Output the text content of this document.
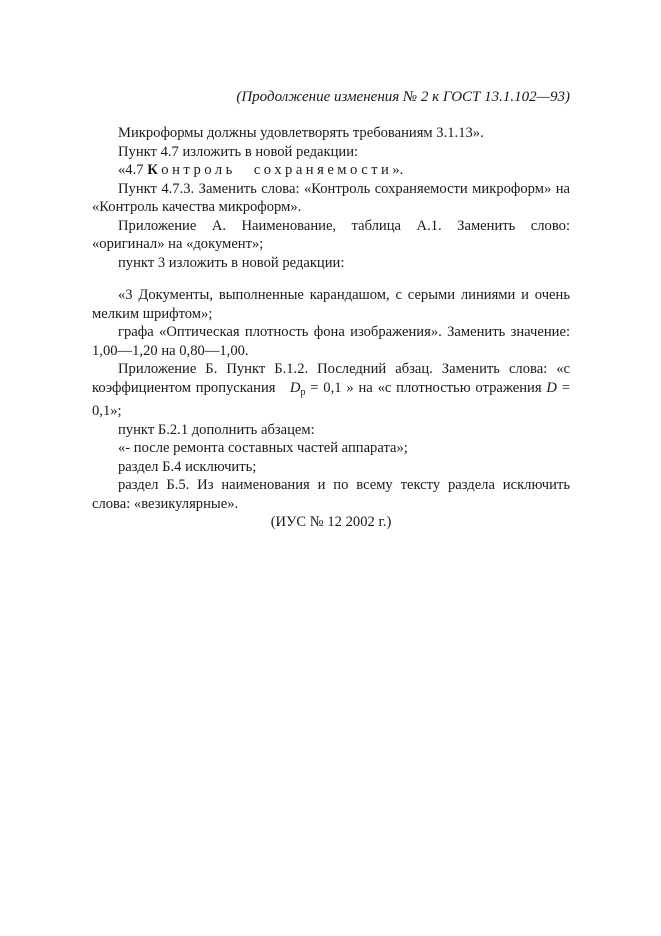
(Продолжение изменения № 2 к ГОСТ 13.1.102—93)

Микроформы должны удовлетворять требованиям 3.1.13».

Пункт 4.7 изложить в новой редакции:

«4.7 Контроль сохраняемости».

Пункт 4.7.3. Заменить слова: «Контроль сохраняемости микроформ» на «Контроль качества микроформ».

Приложение А. Наименование, таблица А.1. Заменить слово: «оригинал» на «документ»;

пункт 3 изложить в новой редакции:

«3 Документы, выполненные карандашом, с серыми линиями и очень мелким шрифтом»;

графа «Оптическая плотность фона изображения». Заменить значение: 1,00—1,20 на 0,80—1,00.

Приложение Б. Пункт Б.1.2. Последний абзац. Заменить слова: «с коэффициентом пропускания $D_р = 0,1$ » на «с плотностью отражения D = 0,1»;

пункт Б.2.1 дополнить абзацем:

«- после ремонта составных частей аппарата»;

раздел Б.4 исключить;

раздел Б.5. Из наименования и по всему тексту раздела исключить слова: «везикулярные».

(ИУС № 12 2002 г.)
